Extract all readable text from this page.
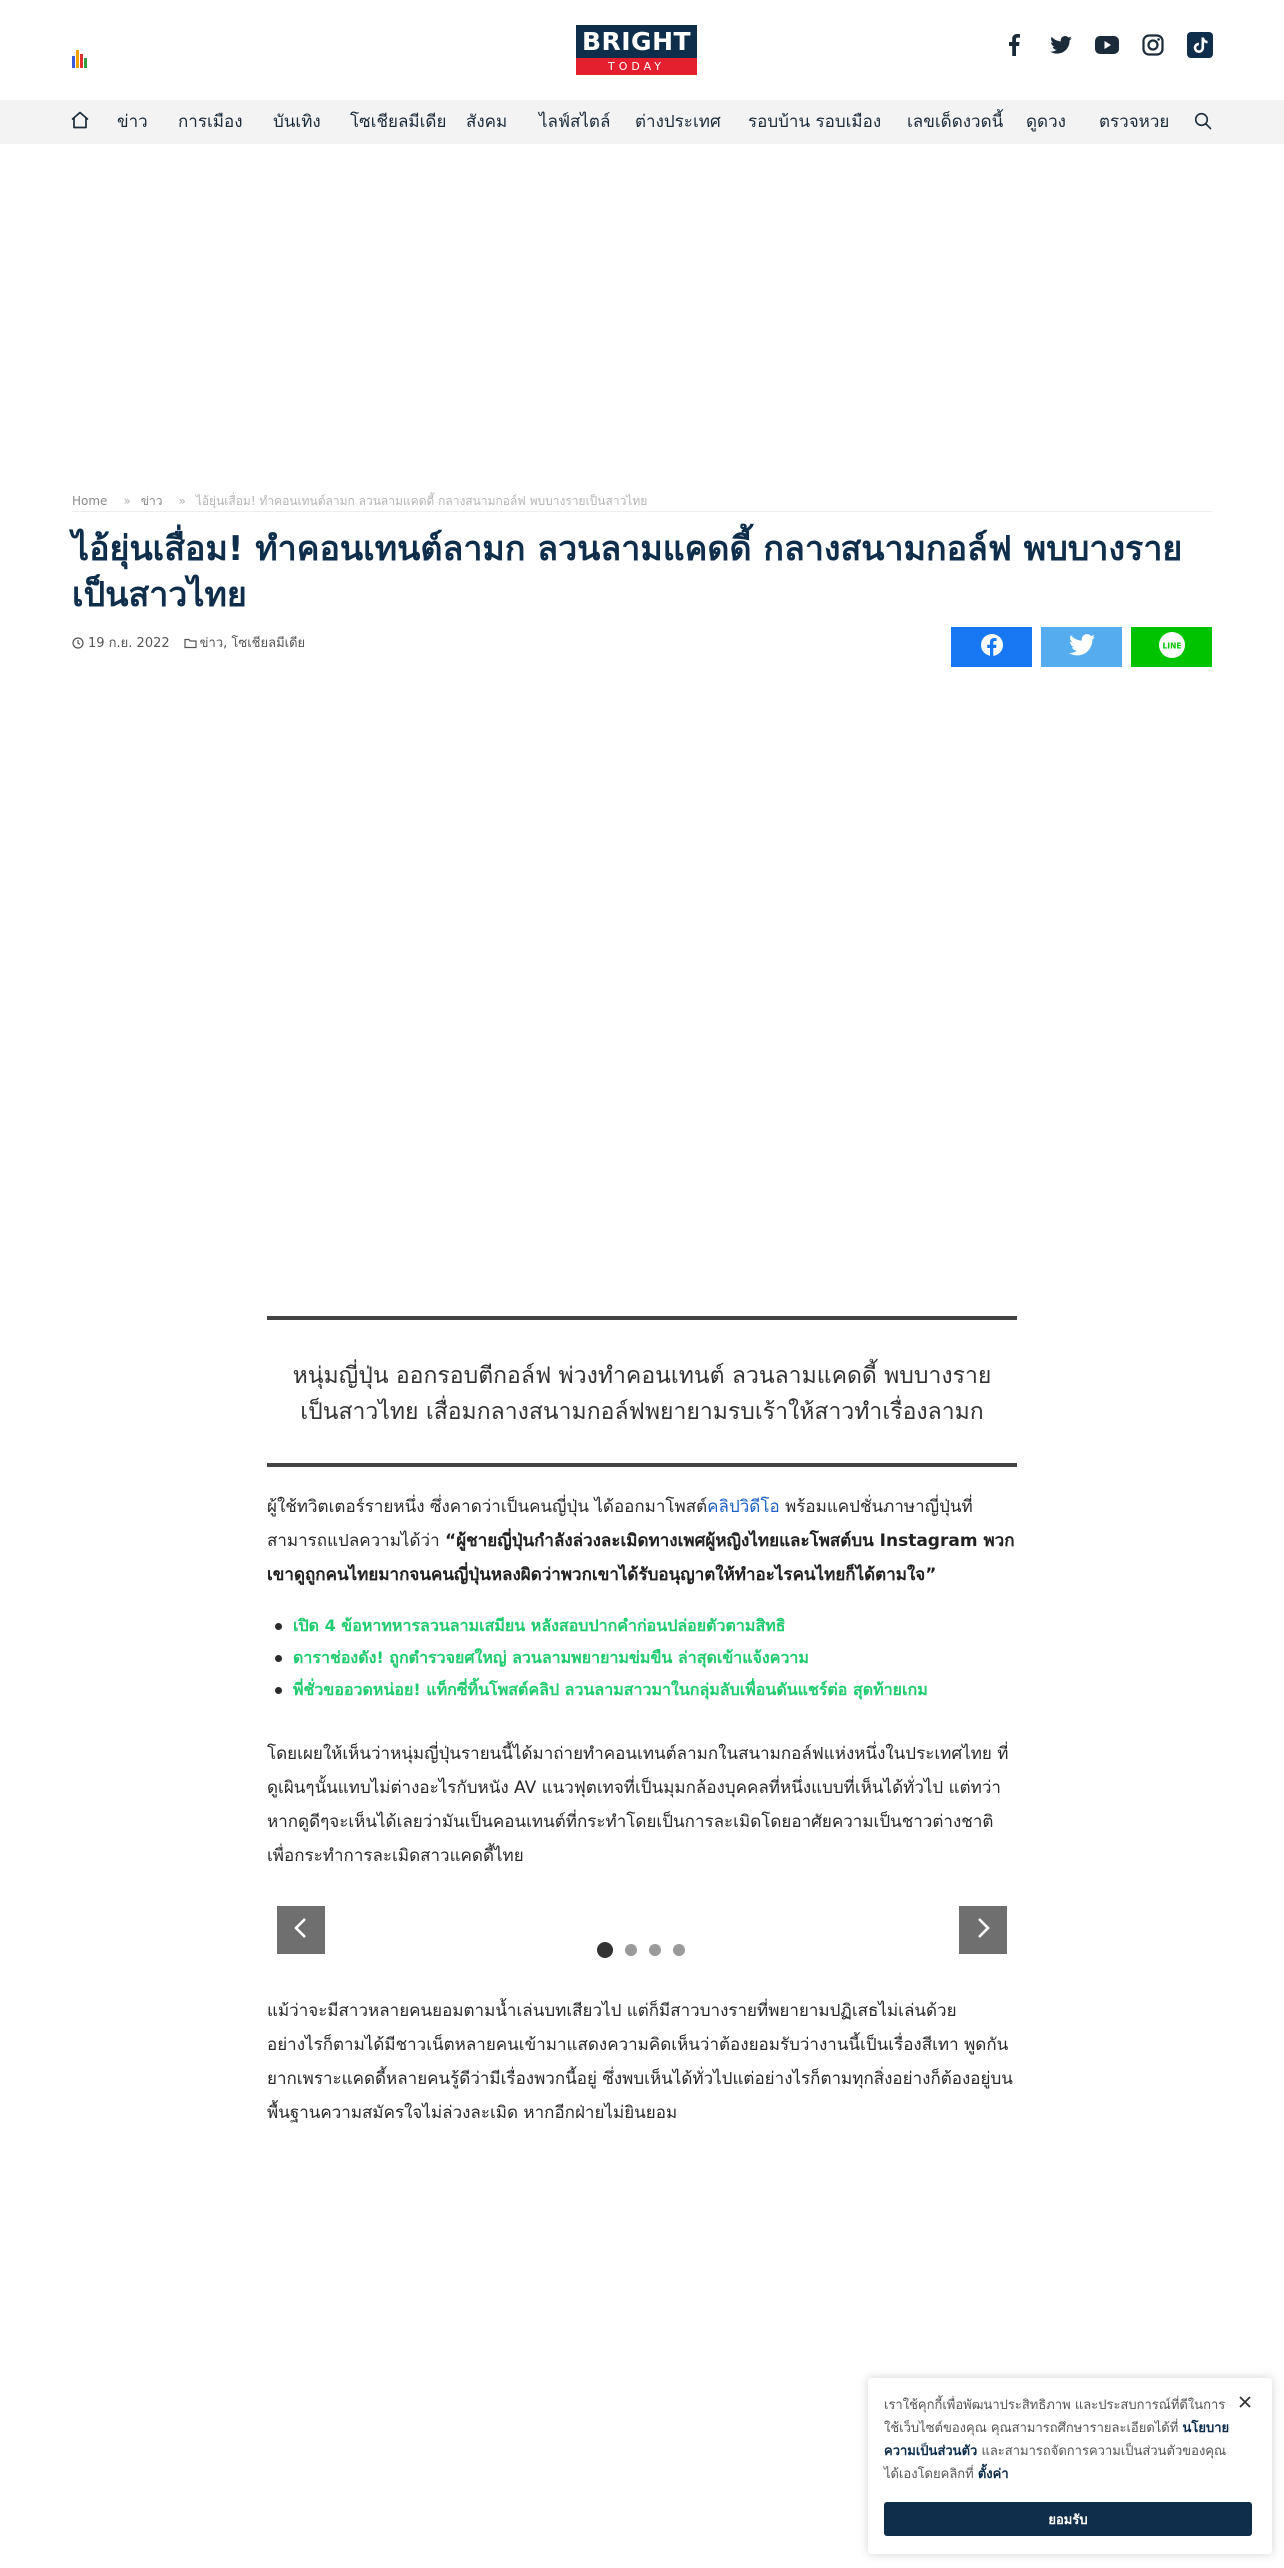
BRIGHT
TODAY
ข่าว การเมือง บันเทิง โซเชียลมีเดีย สังคม ไลฟ์สไตล์ ต่างประเทศ รอบบ้าน รอบเมือง เลขเด็ดงวดนี้ ดูดวง ตรวจหวย
Home » ข่าว » ไอ้ยุ่นเสื่อม! ทำคอนเทนต์ลามก ลวนลามแคดดี้ กลางสนามกอล์ฟ พบบางรายเป็นสาวไทย
ไอ้ยุ่นเสื่อม! ทำคอนเทนต์ลามก ลวนลามแคดดี้ กลางสนามกอล์ฟ พบบางรายเป็นสาวไทย
19 ก.ย. 2022 ข่าว, โซเชียลมีเดีย	LINE

หนุ่มญี่ปุ่น ออกรอบตีกอล์ฟ พ่วงทำคอนเทนต์ ลวนลามแคดดี้ พบบางรายเป็นสาวไทย เสื่อมกลางสนามกอล์ฟพยายามรบเร้าให้สาวทำเรื่องลามก

ผู้ใช้ทวิตเตอร์รายหนึ่ง ซึ่งคาดว่าเป็นคนญี่ปุ่น ได้ออกมาโพสต์คลิปวิดีโอ พร้อมแคปชั่นภาษาญี่ปุ่นที่สามารถแปลความได้ว่า “ผู้ชายญี่ปุ่นกำลังล่วงละเมิดทางเพศผู้หญิงไทยและโพสต์บน Instagram พวกเขาดูถูกคนไทยมากจนคนญี่ปุ่นหลงผิดว่าพวกเขาได้รับอนุญาตให้ทำอะไรคนไทยก็ได้ตามใจ”

เปิด 4 ข้อหาทหารลวนลามเสมียน หลังสอบปากคำก่อนปล่อยตัวตามสิทธิ
ดาราช่องดัง! ถูกตำรวจยศใหญ่ ลวนลามพยายามข่มขืน ล่าสุดเข้าแจ้งความ
พี่ชั่วขออวดหน่อย! แท็กซี่ทิ้นโพสต์คลิป ลวนลามสาวมาในกลุ่มลับเพื่อนดันแชร์ต่อ สุดท้ายเกม

โดยเผยให้เห็นว่าหนุ่มญี่ปุ่นรายนนี้ได้มาถ่ายทำคอนเทนต์ลามกในสนามกอล์ฟแห่งหนึ่งในประเทศไทย ที่ดูเผินๆนั้นแทบไม่ต่างอะไรกับหนัง AV แนวฟุตเทจที่เป็นมุมกล้องบุคคลที่หนึ่งแบบที่เห็นได้ทั่วไป แต่ทว่าหากดูดีๆจะเห็นได้เลยว่ามันเป็นคอนเทนต์ที่กระทำโดยเป็นการละเมิดโดยอาศัยความเป็นชาวต่างชาติเพื่อกระทำการละเมิดสาวแคดดี้ไทย

แม้ว่าจะมีสาวหลายคนยอมตามน้ำเล่นบทเสียวไป แต่ก็มีสาวบางรายที่พยายามปฏิเสธไม่เล่นด้วย อย่างไรก็ตามได้มีชาวเน็ตหลายคนเข้ามาแสดงความคิดเห็นว่าต้องยอมรับว่างานนี้เป็นเรื่องสีเทา พูดกันยากเพราะแคดดี้หลายคนรู้ดีว่ามีเรื่องพวกนี้อยู่ ซึ่งพบเห็นได้ทั่วไปแต่อย่างไรก็ตามทุกสิ่งอย่างก็ต้องอยู่บนพื้นฐานความสมัครใจไม่ล่วงละเมิด หากอีกฝ่ายไม่ยินยอม

เราใช้คุกกี้เพื่อพัฒนาประสิทธิภาพ และประสบการณ์ที่ดีในการใช้เว็บไซต์ของคุณ คุณสามารถศึกษารายละเอียดได้ที่ นโยบายความเป็นส่วนตัว และสามารถจัดการความเป็นส่วนตัวของคุณได้เองโดยคลิกที่ ตั้งค่า

ยอมรับ
